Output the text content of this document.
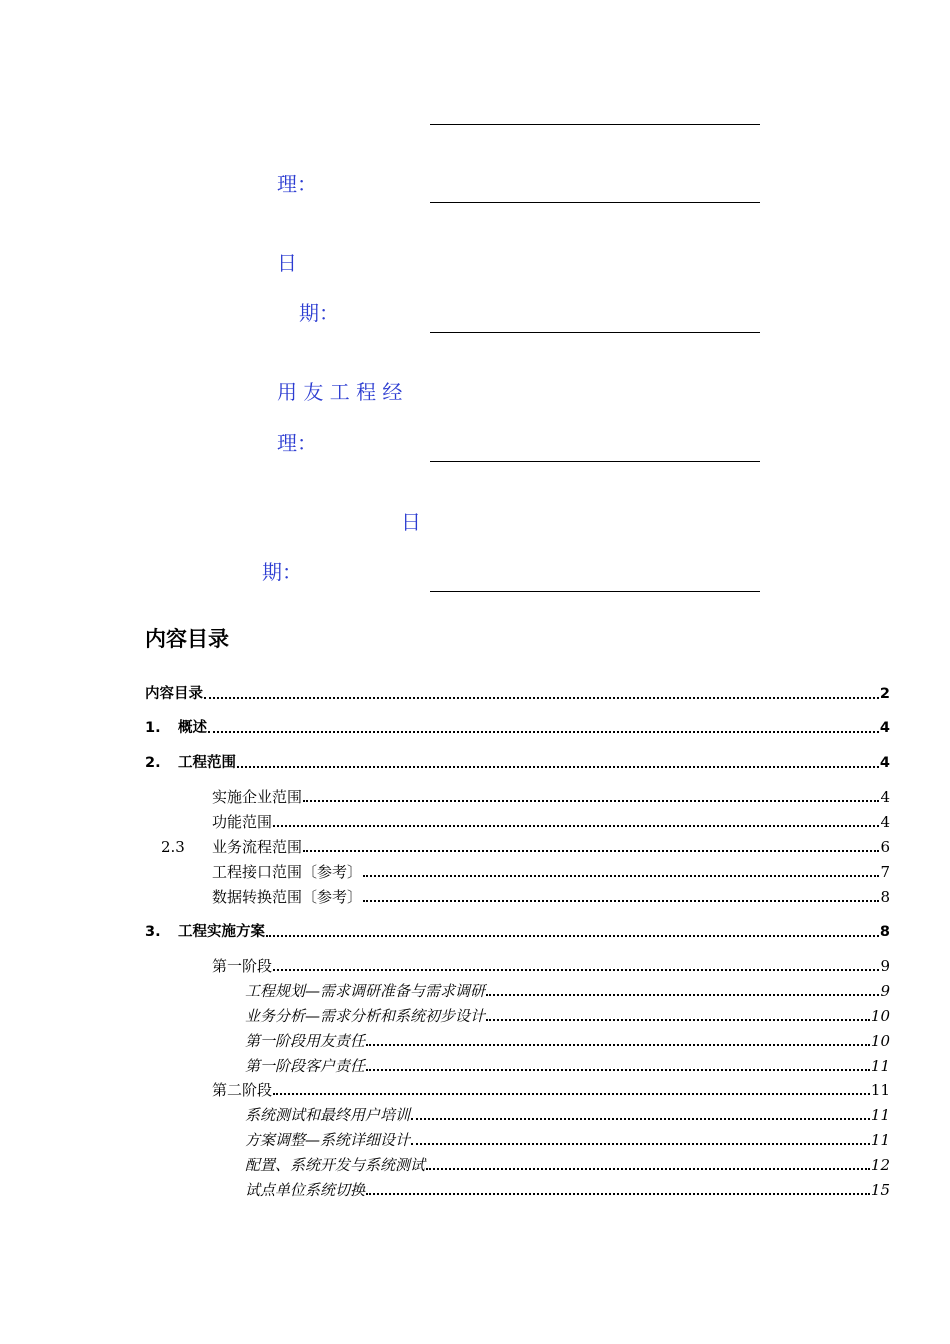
理：
日
期：
用 友 工 程 经
理：
日
期：
内容目录
内容目录	2
1.	概述	4
2.	工程范围	4
实施企业范围	4
功能范围	4
2.3	业务流程范围	6
工程接口范围〔参考〕	7
数据转换范围〔参考〕	8
3.	工程实施方案	8
第一阶段	9
工程规划—需求调研准备与需求调研	9
业务分析—需求分析和系统初步设计	10
第一阶段用友责任	10
第一阶段客户责任	11
第二阶段	11
系统测试和最终用户培训	11
方案调整—系统详细设计	11
配置、系统开发与系统测试	12
试点单位系统切换	15
